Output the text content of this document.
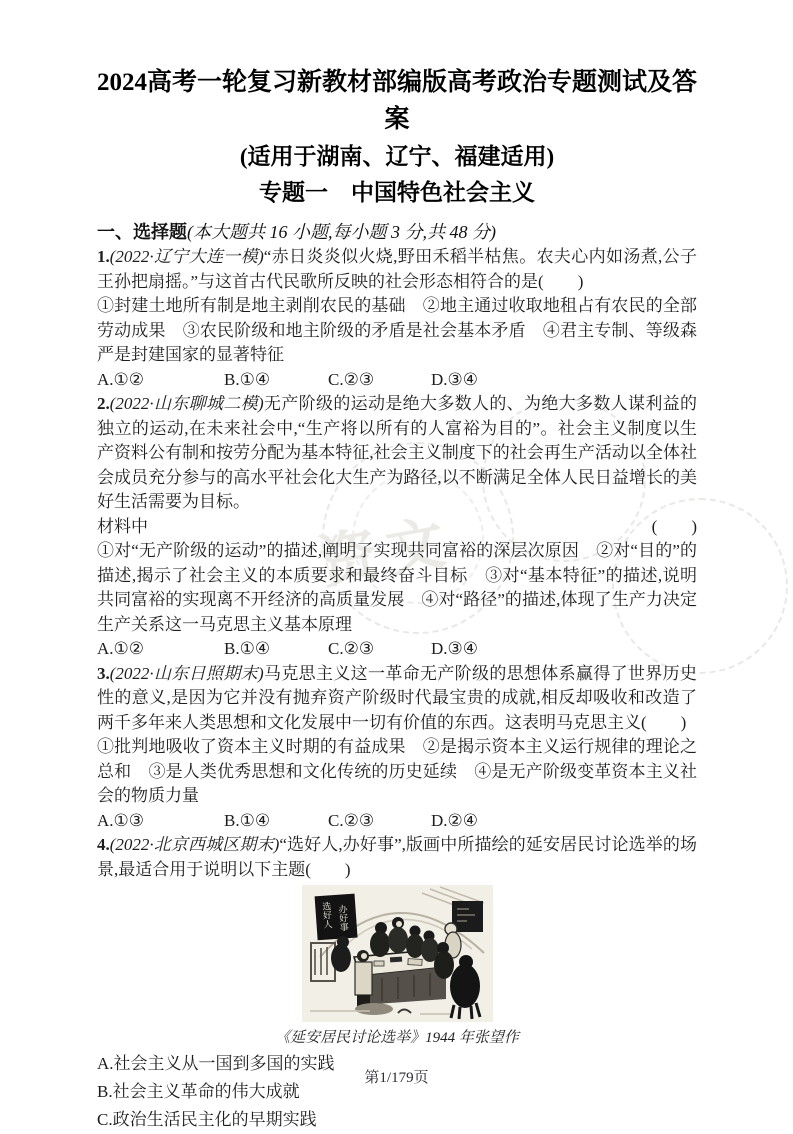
资文
2024高考一轮复习新教材部编版高考政治专题测试及答案
(适用于湖南、辽宁、福建适用)
专题一　中国特色社会主义
一、选择题(本大题共 16 小题,每小题 3 分,共 48 分)

1.(2022·辽宁大连一模)“赤日炎炎似火烧,野田禾稻半枯焦。农夫心内如汤煮,公子王孙把扇摇。”与这首古代民歌所反映的社会形态相符合的是(　　)

①封建土地所有制是地主剥削农民的基础　②地主通过收取地租占有农民的全部劳动成果　③农民阶级和地主阶级的矛盾是社会基本矛盾　④君主专制、等级森严是封建国家的显著特征

A.①②	B.①④	C.②③	D.③④

2.(2022·山东聊城二模)无产阶级的运动是绝大多数人的、为绝大多数人谋利益的独立的运动,在未来社会中,“生产将以所有的人富裕为目的”。社会主义制度以生产资料公有制和按劳分配为基本特征,社会主义制度下的社会再生产活动以全体社会成员充分参与的高水平社会化大生产为路径,以不断满足全体人民日益增长的美好生活需要为目标。

材料中	(　　)

①对“无产阶级的运动”的描述,阐明了实现共同富裕的深层次原因　②对“目的”的描述,揭示了社会主义的本质要求和最终奋斗目标　③对“基本特征”的描述,说明共同富裕的实现离不开经济的高质量发展　④对“路径”的描述,体现了生产力决定生产关系这一马克思主义基本原理

A.①②	B.①④	C.②③	D.③④

3.(2022·山东日照期末)马克思主义这一革命无产阶级的思想体系赢得了世界历史性的意义,是因为它并没有抛弃资产阶级时代最宝贵的成就,相反却吸收和改造了两千多年来人类思想和文化发展中一切有价值的东西。这表明马克思主义(　　)

①批判地吸收了资本主义时期的有益成果　②是揭示资本主义运行规律的理论之总和　③是人类优秀思想和文化传统的历史延续　④是无产阶级变革资本主义社会的物质力量

A.①③	B.①④	C.②③	D.②④

4.(2022·北京西城区期末)“选好人,办好事”,版画中所描绘的延安居民讨论选举的场景,最适合用于说明以下主题(　　)

选好人 办好事
《延安居民讨论选举》1944 年张望作

A.社会主义从一国到多国的实践

B.社会主义革命的伟大成就

C.政治生活民主化的早期实践

第1/179页
